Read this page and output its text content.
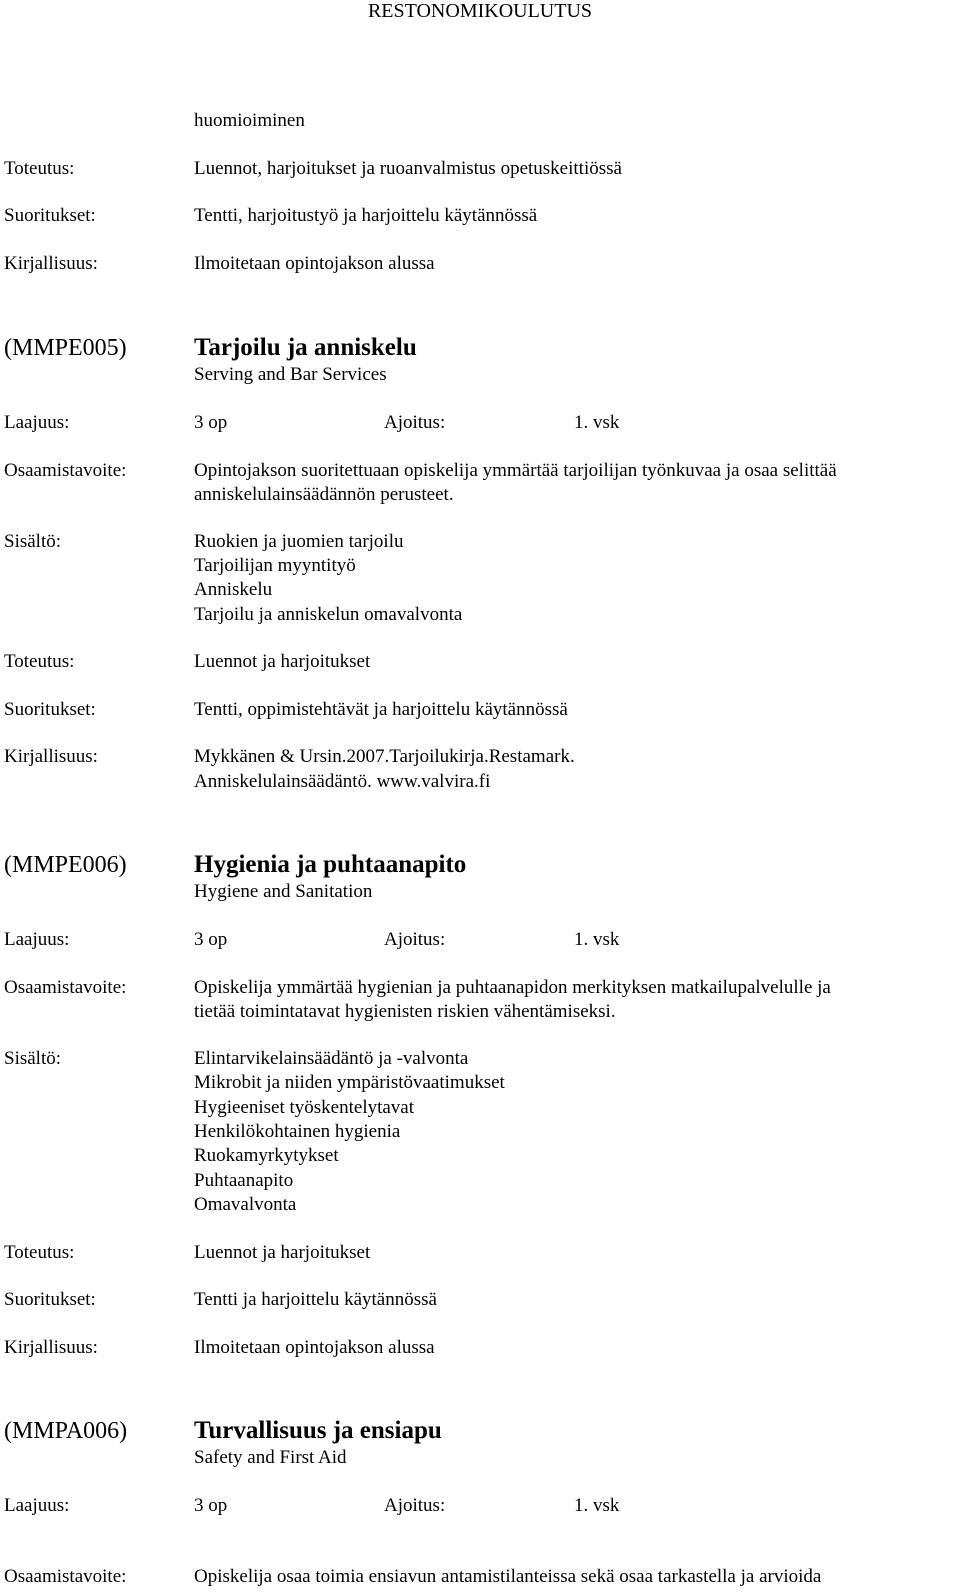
RESTONOMIKOULUTUS
huomioiminen
Toteutus:	Luennot, harjoitukset ja ruoanvalmistus opetuskeittiössä
Suoritukset:	Tentti, harjoitustyö ja harjoittelu käytännössä
Kirjallisuus:	Ilmoitetaan opintojakson alussa
(MMPE005)	Tarjoilu ja anniskelu
Serving and Bar Services
Laajuus:	3 op	Ajoitus:	1. vsk
Osaamistavoite:	Opintojakson suoritettuaan opiskelija ymmärtää tarjoilijan työnkuvaa ja osaa selittää
anniskelulainsäädännön perusteet.
Sisältö:	Ruokien ja juomien tarjoilu
Tarjoilijan myyntityö
Anniskelu
Tarjoilu ja anniskelun omavalvonta
Toteutus:	Luennot ja harjoitukset
Suoritukset:	Tentti, oppimistehtävät ja harjoittelu käytännössä
Kirjallisuus:	Mykkänen & Ursin.2007.Tarjoilukirja.Restamark.
Anniskelulainsäädäntö. www.valvira.fi
(MMPE006)	Hygienia ja puhtaanapito
Hygiene and Sanitation
Laajuus:	3 op	Ajoitus:	1. vsk
Osaamistavoite:	Opiskelija ymmärtää hygienian ja puhtaanapidon merkityksen matkailupalvelulle ja
tietää toimintatavat hygienisten riskien vähentämiseksi.
Sisältö:	Elintarvikelainsäädäntö ja -valvonta
Mikrobit ja niiden ympäristövaatimukset
Hygieeniset työskentelytavat
Henkilökohtainen hygienia
Ruokamyrkytykset
Puhtaanapito
Omavalvonta
Toteutus:	Luennot ja harjoitukset
Suoritukset:	Tentti ja harjoittelu käytännössä
Kirjallisuus:	Ilmoitetaan opintojakson alussa
(MMPA006)	Turvallisuus ja ensiapu
Safety and First Aid
Laajuus:	3 op	Ajoitus:	1. vsk
Osaamistavoite:	Opiskelija osaa toimia ensiavun antamistilanteissa sekä osaa tarkastella ja arvioida
